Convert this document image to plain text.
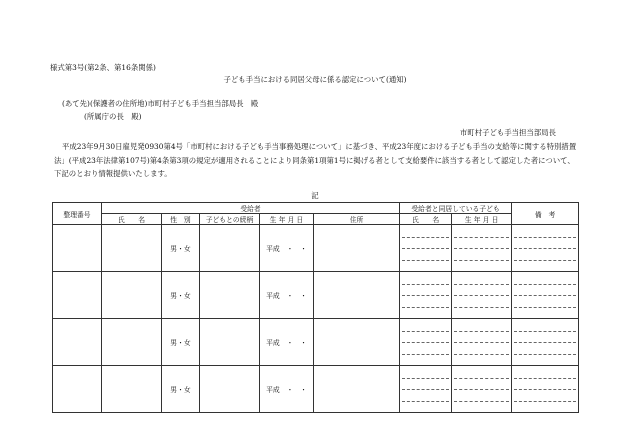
様式第3号(第2条、第16条関係)
子ども手当における同居父母に係る認定について(通知)
(あて先)(保護者の住所地)市町村子ども手当担当部局長　殿
(所属庁の長　殿)
市町村子ども手当担当部局長
平成23年9月30日雇児発0930第4号「市町村における子ども手当事務処理について」に基づき、平成23年度における子ども手当の支給等に関する特別措置法」(平成23年法律第107号)第4条第3項の規定が適用されることにより同条第1項第1号に掲げる者として支給要件に該当する者として認定した者について、下記のとおり情報提供いたします。
記
整理番号	受給者					受給者と同居している子ども		備　考
	氏　　名	性　別	子どもとの続柄	生 年 月 日	住所	氏　　名	生 年 月 日	
		男・女		平成　・　・		

		男・女		平成　・　・		

		男・女		平成　・　・		

		男・女		平成　・　・		
